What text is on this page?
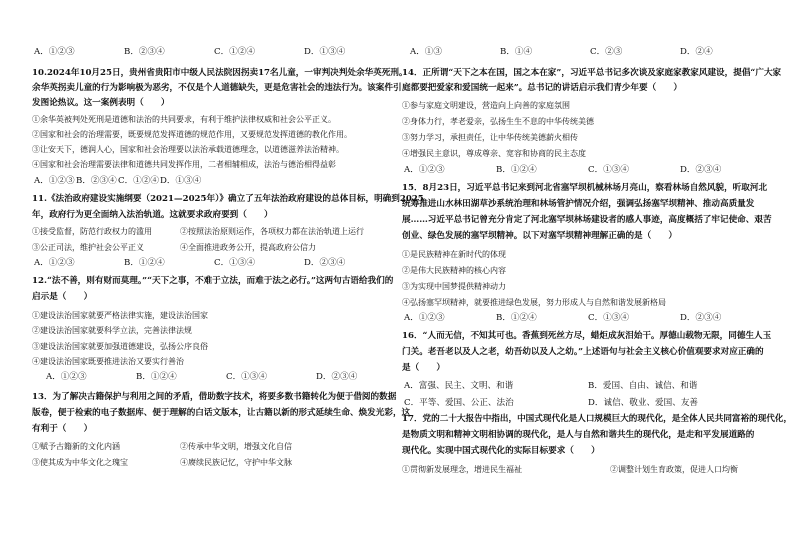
A．①②③	B．②③④	C．①②④	D．①③④
10.2024年10月25日，贵州省贵阳市中级人民法院因拐卖17名儿童，一审判决判处余华英死刑。
余华英拐卖儿童的行为影响极为恶劣，不仅是个人道德缺失，更是危害社会的违法行为。该案件引
发图论热议。这一案例表明（　　）
①余华英被判处死刑是道德和法治的共同要求，有利于维护法律权威和社会公平正义。
②国家和社会的治理需要，既要规范发挥道德的规范作用，又要规范发挥道德的教化作用。
③让安天下，德润人心，国家和社会治理要以法治承载道德理念，以道德滋养法治精神。
④国家和社会治理需要法律和道德共同发挥作用，二者相辅相成，法治与德治相得益彰
A．①②③ B．②③④ C．①②④ D．①③④
11.《法治政府建设实施纲要（2021—2025年）》确立了五年法治政府建设的总体目标，明确到2025
年，政府行为更全面纳入法治轨道。这就要求政府要到（　　）
①接受监督，防范行政权力的滥用	②按照法治原则运作，各项权力都在法治轨道上运行
③公正司法，维护社会公平正义	④全面推进政务公开，提高政府公信力
A．①②③	B．①②④	C．①③④	D．②③④
12.“法不善，则有财而莫理。”“天下之事，不难于立法，而难于法之必行。”这两句古语给我们的
启示是（　　）
①建设法治国家就要严格法律实施，建设法治国家
②建设法治国家就要科学立法，完善法律法规
③建设法治国家就要加强道德建设，弘扬公序良俗
④建设法治国家既要推进法治又要实行善治
A．①②③	B．①②④	C．①③④	D．②③④
13．为了解决古籍保护与利用之间的矛盾，借助数字技术，将要多数书籍转化为便于借阅的数据
版卷，便于检索的电子数据库、便于理解的白话文版本，让古籍以新的形式延续生命、焕发光彩，这
有利于（　　）
①赋予古籍新的文化内涵	②传承中华文明，增强文化自信
③使其成为中华文化之瑰宝	④赓续民族记忆，守护中华文脉
A．①③	B．①④	C．②③	D．②④
14．正所谓“天下之本在国，国之本在家”，习近平总书记多次谈及家庭家教家风建设，提倡“广大家
庭都要把爱家和爱国统一起来”。总书记的讲话启示我们青少年要（　　）
①参与家庭文明建设，营造向上向善的家庭氛围
②身体力行，孝老爱亲，弘扬生生不息的中华传统美德
③努力学习，承担责任，让中华传统美德薪火相传
④增强民主意识，尊成尊亲、宽容和协商的民主态度
A．①②③	B．①②④	C．①③④	D．②③④
15．8月23日，习近平总书记来到河北省塞罕坝机械林场月亮山，察看林场自然风貌，听取河北
统筹推进山水林田湖草沙系统治理和林场管护情况介绍，强调弘扬塞罕坝精神、推动高质量发
展……习近平总书记曾充分肯定了河北塞罕坝林场建设者的感人事迹，高度概括了牢记使命、艰苦
创业、绿色发展的塞罕坝精神。以下对塞罕坝精神理解正确的是（　　）
①是民族精神在新时代的体现
②是伟大民族精神的核心内容
③为实现中国梦提供精神动力
④弘扬塞罕坝精神，就要推进绿色发展，努力形成人与自然和谐发展新格局
A．①②③	B．①②④	C．①③④	D．②③④
16．“人而无信，不知其可也。香蕉到死丝方尽，蜡炬成灰泪始干。厚德山载物无限，同德生人玉
门关。老吾老以及人之老，幼吾幼以及人之幼。”上述语句与社会主义核心价值观要求对应正确的
是（　　）
A．富强、民主、文明、和谐	B．爱国、自由、诚信、和谐
C．平等、爱国、公正、法治	D．诚信、敬业、爱国、友善
17．党的二十大报告中指出，中国式现代化是人口规模巨大的现代化，是全体人民共同富裕的现代化，
是物质文明和精神文明相协调的现代化，是人与自然和谐共生的现代化，是走和平发展道路的
现代化。实现中国式现代化的实际目标要求（　　）
①贯彻新发展理念，增进民生福祉	②调整计划生育政策，促进人口均衡
